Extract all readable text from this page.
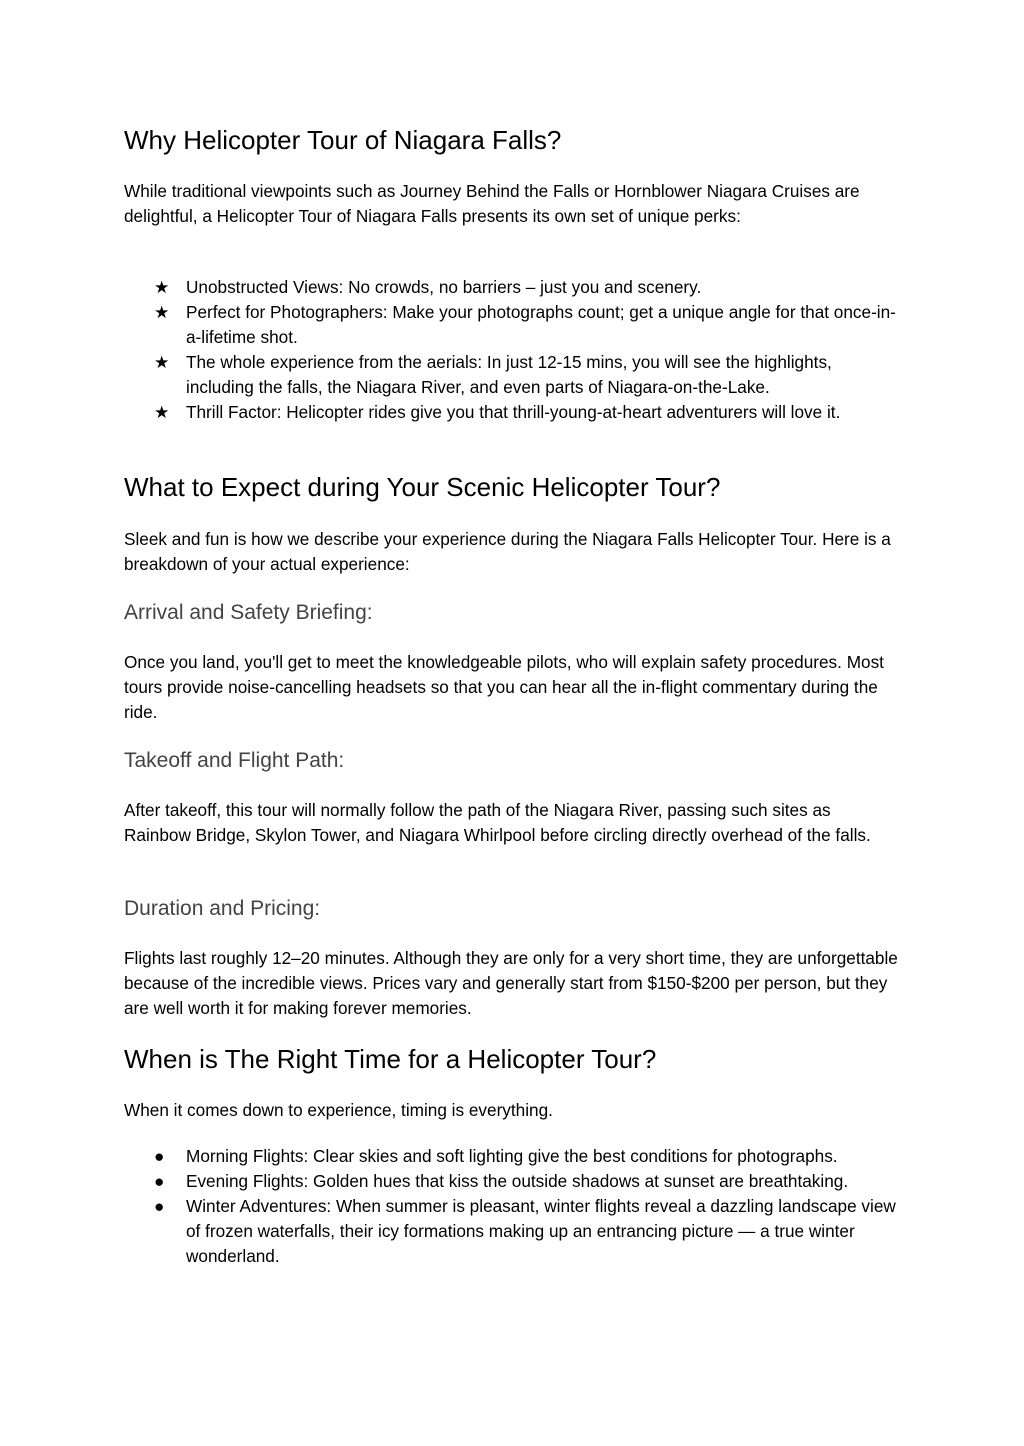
Why Helicopter Tour of Niagara Falls?

While traditional viewpoints such as Journey Behind the Falls or Hornblower Niagara Cruises are delightful, a Helicopter Tour of Niagara Falls presents its own set of unique perks:

★ Unobstructed Views: No crowds, no barriers – just you and scenery.
★ Perfect for Photographers: Make your photographs count; get a unique angle for that once-in-a-lifetime shot.
★ The whole experience from the aerials: In just 12-15 mins, you will see the highlights, including the falls, the Niagara River, and even parts of Niagara-on-the-Lake.
★ Thrill Factor: Helicopter rides give you that thrill-young-at-heart adventurers will love it.
What to Expect during Your Scenic Helicopter Tour?

Sleek and fun is how we describe your experience during the Niagara Falls Helicopter Tour. Here is a breakdown of your actual experience:

Arrival and Safety Briefing:

Once you land, you'll get to meet the knowledgeable pilots, who will explain safety procedures. Most tours provide noise-cancelling headsets so that you can hear all the in-flight commentary during the ride.

Takeoff and Flight Path:

After takeoff, this tour will normally follow the path of the Niagara River, passing such sites as Rainbow Bridge, Skylon Tower, and Niagara Whirlpool before circling directly overhead of the falls.

Duration and Pricing:

Flights last roughly 12–20 minutes. Although they are only for a very short time, they are unforgettable because of the incredible views. Prices vary and generally start from $150-$200 per person, but they are well worth it for making forever memories.

When is The Right Time for a Helicopter Tour?

When it comes down to experience, timing is everything.

●	Morning Flights: Clear skies and soft lighting give the best conditions for photographs.
●	Evening Flights: Golden hues that kiss the outside shadows at sunset are breathtaking.
●	Winter Adventures: When summer is pleasant, winter flights reveal a dazzling landscape view of frozen waterfalls, their icy formations making up an entrancing picture — a true winter wonderland.
